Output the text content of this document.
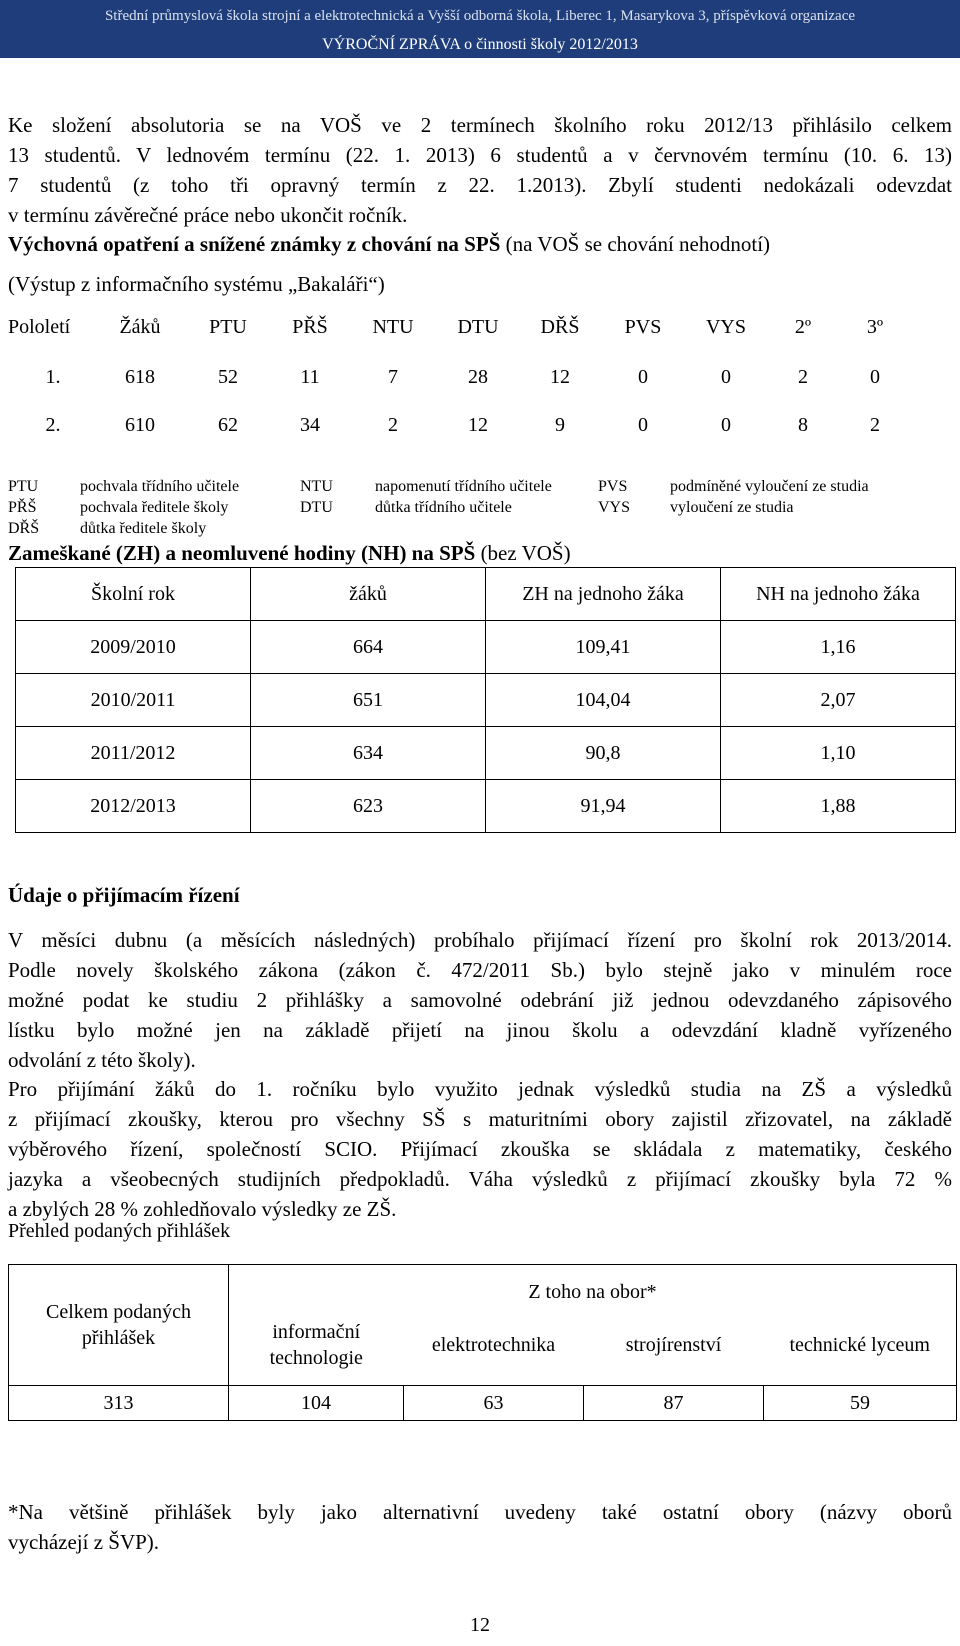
Střední průmyslová škola strojní a elektrotechnická a Vyšší odborná škola, Liberec 1, Masarykova 3, příspěvková organizace
VÝROČNÍ ZPRÁVA o činnosti školy 2012/2013
Ke složení absolutoria se na VOŠ ve 2 termínech školního roku 2012/13 přihlásilo celkem
13 studentů. V lednovém termínu (22. 1. 2013) 6 studentů a v červnovém termínu (10. 6. 13)
7 studentů (z toho tři opravný termín z 22. 1.2013). Zbylí studenti nedokázali odevzdat
v termínu závěrečné práce nebo ukončit ročník.
Výchovná opatření a snížené známky z chování na SPŠ (na VOŠ se chování nehodnotí)
(Výstup z informačního systému „Bakaláři“)
Pololetí	Žáků	PTU	PŘŠ	NTU	DTU	DŘŠ	PVS	VYS	2º	3º
1.	618	52	11	7	28	12	0	0	2	0
2.	610	62	34	2	12	9	0	0	8	2
PTU	pochvala třídního učitele
PŘŠ	pochvala ředitele školy
DŘŠ	důtka ředitele školy
NTU	napomenutí třídního učitele
DTU	důtka třídního učitele
PVS	podmíněné vyloučení ze studia
VYS vyloučení ze studia
Zameškané (ZH) a neomluvené hodiny (NH) na SPŠ (bez VOŠ)
Školní rok	žáků	ZH na jednoho žáka	NH na jednoho žáka
2009/2010	664	109,41	1,16
2010/2011	651	104,04	2,07
2011/2012	634	90,8	1,10
2012/2013	623	91,94	1,88
Údaje o přijímacím řízení
V měsíci dubnu (a měsících následných) probíhalo přijímací řízení pro školní rok 2013/2014.
Podle novely školského zákona (zákon č. 472/2011 Sb.) bylo stejně jako v minulém roce
možné podat ke studiu 2 přihlášky a samovolné odebrání již jednou odevzdaného zápisového
lístku bylo možné jen na základě přijetí na jinou školu a odevzdání kladně vyřízeného
odvolání z této školy).
Pro přijímání žáků do 1. ročníku bylo využito jednak výsledků studia na ZŠ a výsledků
z přijímací zkoušky, kterou pro všechny SŠ s maturitními obory zajistil zřizovatel, na základě
výběrového řízení, společností SCIO. Přijímací zkouška se skládala z matematiky, českého
jazyka a všeobecných studijních předpokladů. Váha výsledků z přijímací zkoušky byla 72 %
a zbylých 28 % zohledňovalo výsledky ze ZŠ.
Přehled podaných přihlášek
Celkem podaných přihlášek	Z toho na obor*			
	informační technologie	elektrotechnika	strojírenství	technické lyceum
313	104	63	87	59
*Na většině přihlášek byly jako alternativní uvedeny také ostatní obory (názvy oborů
vycházejí z ŠVP).
12
